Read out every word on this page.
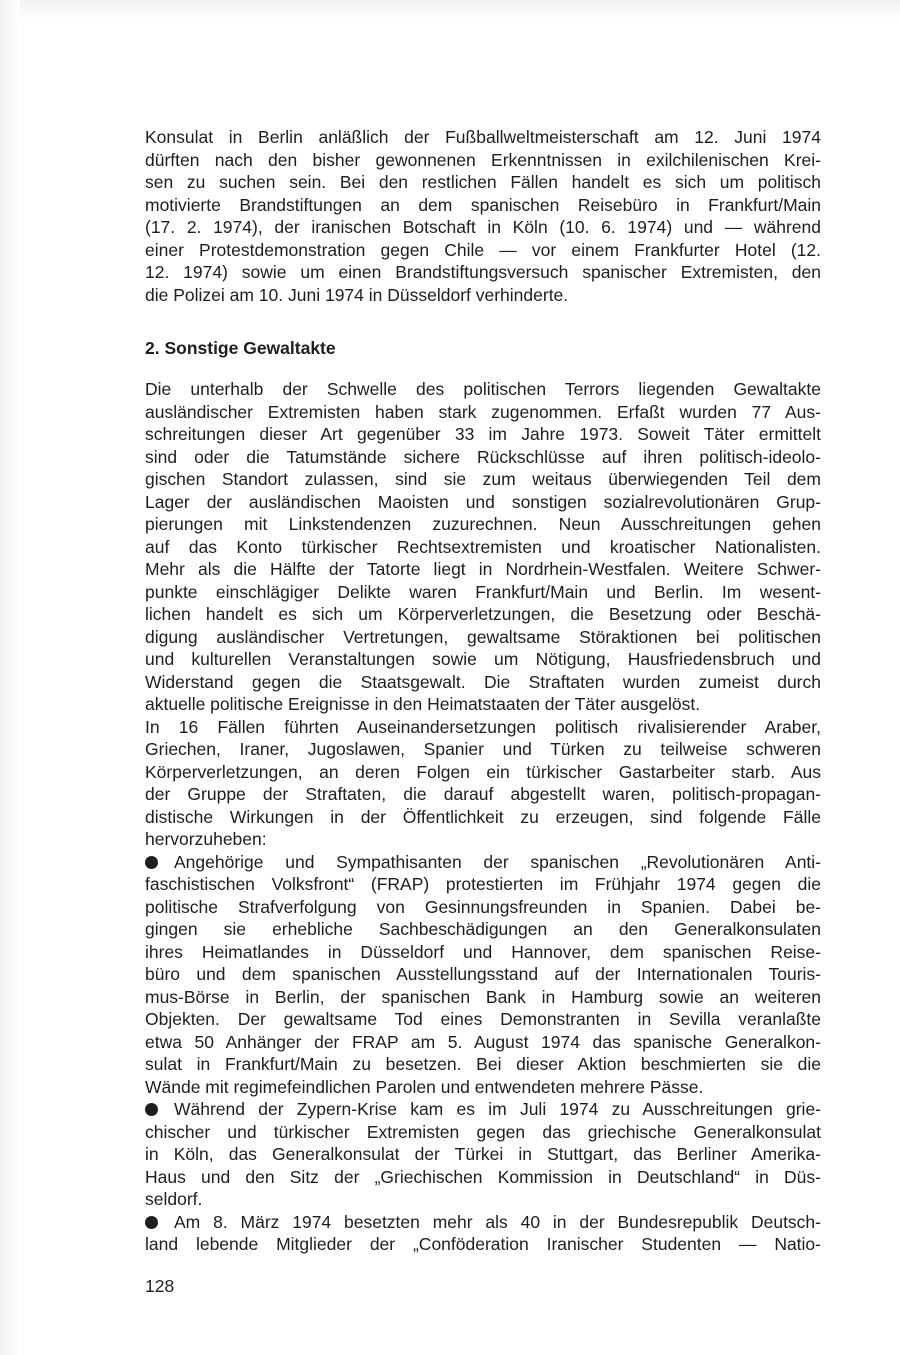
Konsulat in Berlin anläßlich der Fußballweltmeisterschaft am 12. Juni 1974
dürften nach den bisher gewonnenen Erkenntnissen in exilchilenischen Krei-
sen zu suchen sein. Bei den restlichen Fällen handelt es sich um politisch
motivierte Brandstiftungen an dem spanischen Reisebüro in Frankfurt/Main
(17. 2. 1974), der iranischen Botschaft in Köln (10. 6. 1974) und — während
einer Protestdemonstration gegen Chile — vor einem Frankfurter Hotel (12.
12. 1974) sowie um einen Brandstiftungsversuch spanischer Extremisten, den
die Polizei am 10. Juni 1974 in Düsseldorf verhinderte.
2. Sonstige Gewaltakte
Die unterhalb der Schwelle des politischen Terrors liegenden Gewaltakte
ausländischer Extremisten haben stark zugenommen. Erfaßt wurden 77 Aus-
schreitungen dieser Art gegenüber 33 im Jahre 1973. Soweit Täter ermittelt
sind oder die Tatumstände sichere Rückschlüsse auf ihren politisch-ideolo-
gischen Standort zulassen, sind sie zum weitaus überwiegenden Teil dem
Lager der ausländischen Maoisten und sonstigen sozialrevolutionären Grup-
pierungen mit Linkstendenzen zuzurechnen. Neun Ausschreitungen gehen
auf das Konto türkischer Rechtsextremisten und kroatischer Nationalisten.
Mehr als die Hälfte der Tatorte liegt in Nordrhein-Westfalen. Weitere Schwer-
punkte einschlägiger Delikte waren Frankfurt/Main und Berlin. Im wesent-
lichen handelt es sich um Körperverletzungen, die Besetzung oder Beschä-
digung ausländischer Vertretungen, gewaltsame Störaktionen bei politischen
und kulturellen Veranstaltungen sowie um Nötigung, Hausfriedensbruch und
Widerstand gegen die Staatsgewalt. Die Straftaten wurden zumeist durch
aktuelle politische Ereignisse in den Heimatstaaten der Täter ausgelöst.
In 16 Fällen führten Auseinandersetzungen politisch rivalisierender Araber,
Griechen, Iraner, Jugoslawen, Spanier und Türken zu teilweise schweren
Körperverletzungen, an deren Folgen ein türkischer Gastarbeiter starb. Aus
der Gruppe der Straftaten, die darauf abgestellt waren, politisch-propagan-
distische Wirkungen in der Öffentlichkeit zu erzeugen, sind folgende Fälle
hervorzuheben:
Angehörige und Sympathisanten der spanischen „Revolutionären Anti-
faschistischen Volksfront“ (FRAP) protestierten im Frühjahr 1974 gegen die
politische Strafverfolgung von Gesinnungsfreunden in Spanien. Dabei be-
gingen sie erhebliche Sachbeschädigungen an den Generalkonsulaten
ihres Heimatlandes in Düsseldorf und Hannover, dem spanischen Reise-
büro und dem spanischen Ausstellungsstand auf der Internationalen Touris-
mus-Börse in Berlin, der spanischen Bank in Hamburg sowie an weiteren
Objekten. Der gewaltsame Tod eines Demonstranten in Sevilla veranlaßte
etwa 50 Anhänger der FRAP am 5. August 1974 das spanische Generalkon-
sulat in Frankfurt/Main zu besetzen. Bei dieser Aktion beschmierten sie die
Wände mit regimefeindlichen Parolen und entwendeten mehrere Pässe.
Während der Zypern-Krise kam es im Juli 1974 zu Ausschreitungen grie-
chischer und türkischer Extremisten gegen das griechische Generalkonsulat
in Köln, das Generalkonsulat der Türkei in Stuttgart, das Berliner Amerika-
Haus und den Sitz der „Griechischen Kommission in Deutschland“ in Düs-
seldorf.
Am 8. März 1974 besetzten mehr als 40 in der Bundesrepublik Deutsch-
land lebende Mitglieder der „Conföderation Iranischer Studenten — Natio-
128
